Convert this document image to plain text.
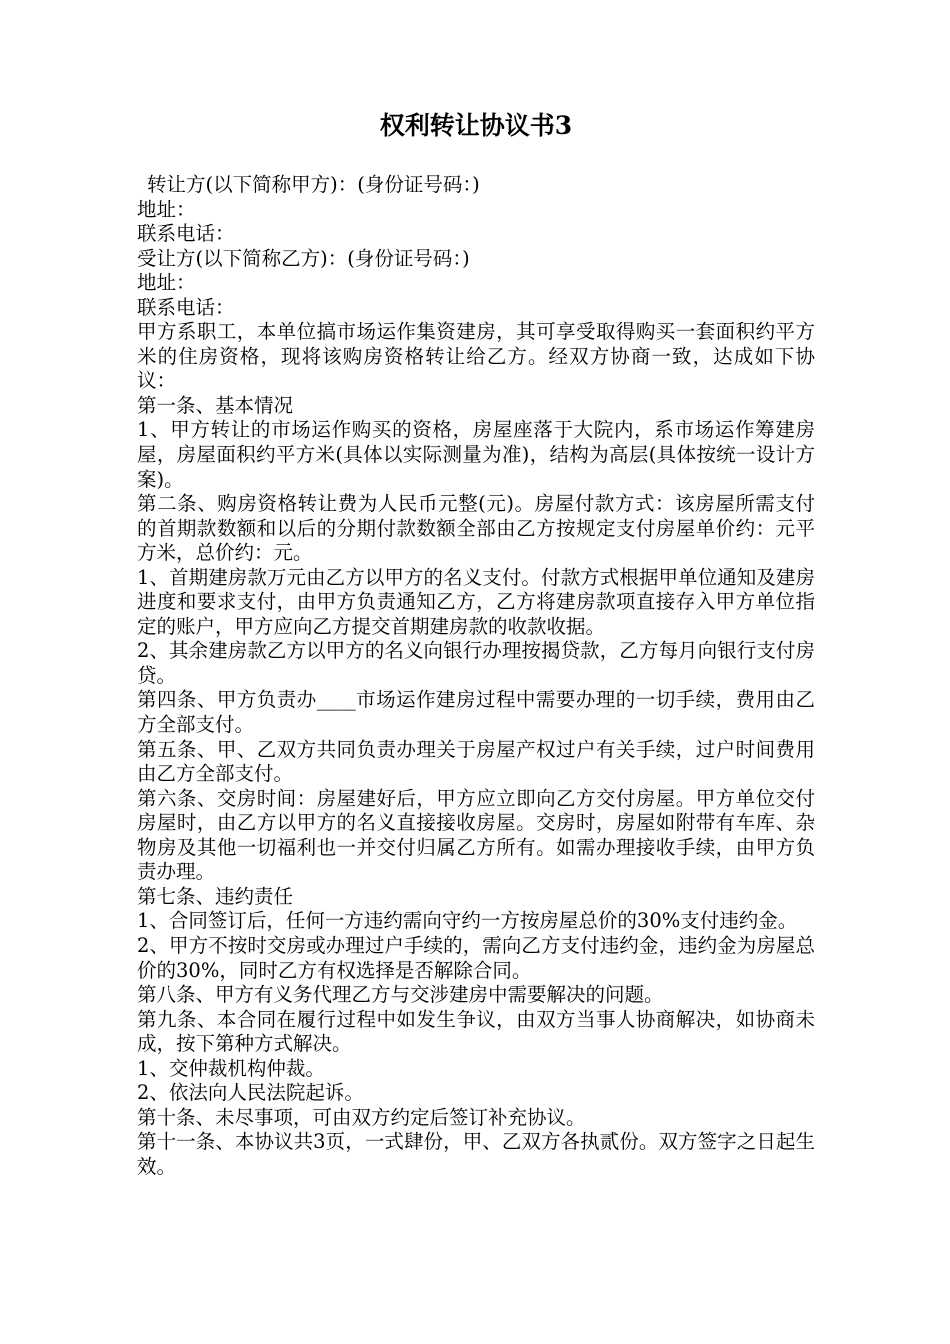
权利转让协议书3

转让方(以下简称甲方)：(身份证号码：)

地址：

联系电话：

受让方(以下简称乙方)：(身份证号码：)

地址：

联系电话：

甲方系职工，本单位搞市场运作集资建房，其可享受取得购买一套面积约平方米的住房资格，现将该购房资格转让给乙方。经双方协商一致，达成如下协议：

第一条、基本情况

1、甲方转让的市场运作购买的资格，房屋座落于大院内，系市场运作筹建房屋，房屋面积约平方米(具体以实际测量为准)，结构为高层(具体按统一设计方案)。

第二条、购房资格转让费为人民币元整(元)。房屋付款方式：该房屋所需支付的首期款数额和以后的分期付款数额全部由乙方按规定支付房屋单价约：元平方米，总价约：元。

1、首期建房款万元由乙方以甲方的名义支付。付款方式根据甲单位通知及建房进度和要求支付，由甲方负责通知乙方，乙方将建房款项直接存入甲方单位指定的账户，甲方应向乙方提交首期建房款的收款收据。

2、其余建房款乙方以甲方的名义向银行办理按揭贷款，乙方每月向银行支付房贷。

第四条、甲方负责办____市场运作建房过程中需要办理的一切手续，费用由乙方全部支付。

第五条、甲、乙双方共同负责办理关于房屋产权过户有关手续，过户时间费用由乙方全部支付。

第六条、交房时间：房屋建好后，甲方应立即向乙方交付房屋。甲方单位交付房屋时，由乙方以甲方的名义直接接收房屋。交房时，房屋如附带有车库、杂物房及其他一切福利也一并交付归属乙方所有。如需办理接收手续，由甲方负责办理。

第七条、违约责任

1、合同签订后，任何一方违约需向守约一方按房屋总价的30%支付违约金。

2、甲方不按时交房或办理过户手续的，需向乙方支付违约金，违约金为房屋总价的30%，同时乙方有权选择是否解除合同。

第八条、甲方有义务代理乙方与交涉建房中需要解决的问题。

第九条、本合同在履行过程中如发生争议，由双方当事人协商解决，如协商未成，按下第种方式解决。

1、交仲裁机构仲裁。

2、依法向人民法院起诉。

第十条、未尽事项，可由双方约定后签订补充协议。

第十一条、本协议共3页，一式肆份，甲、乙双方各执贰份。双方签字之日起生效。
